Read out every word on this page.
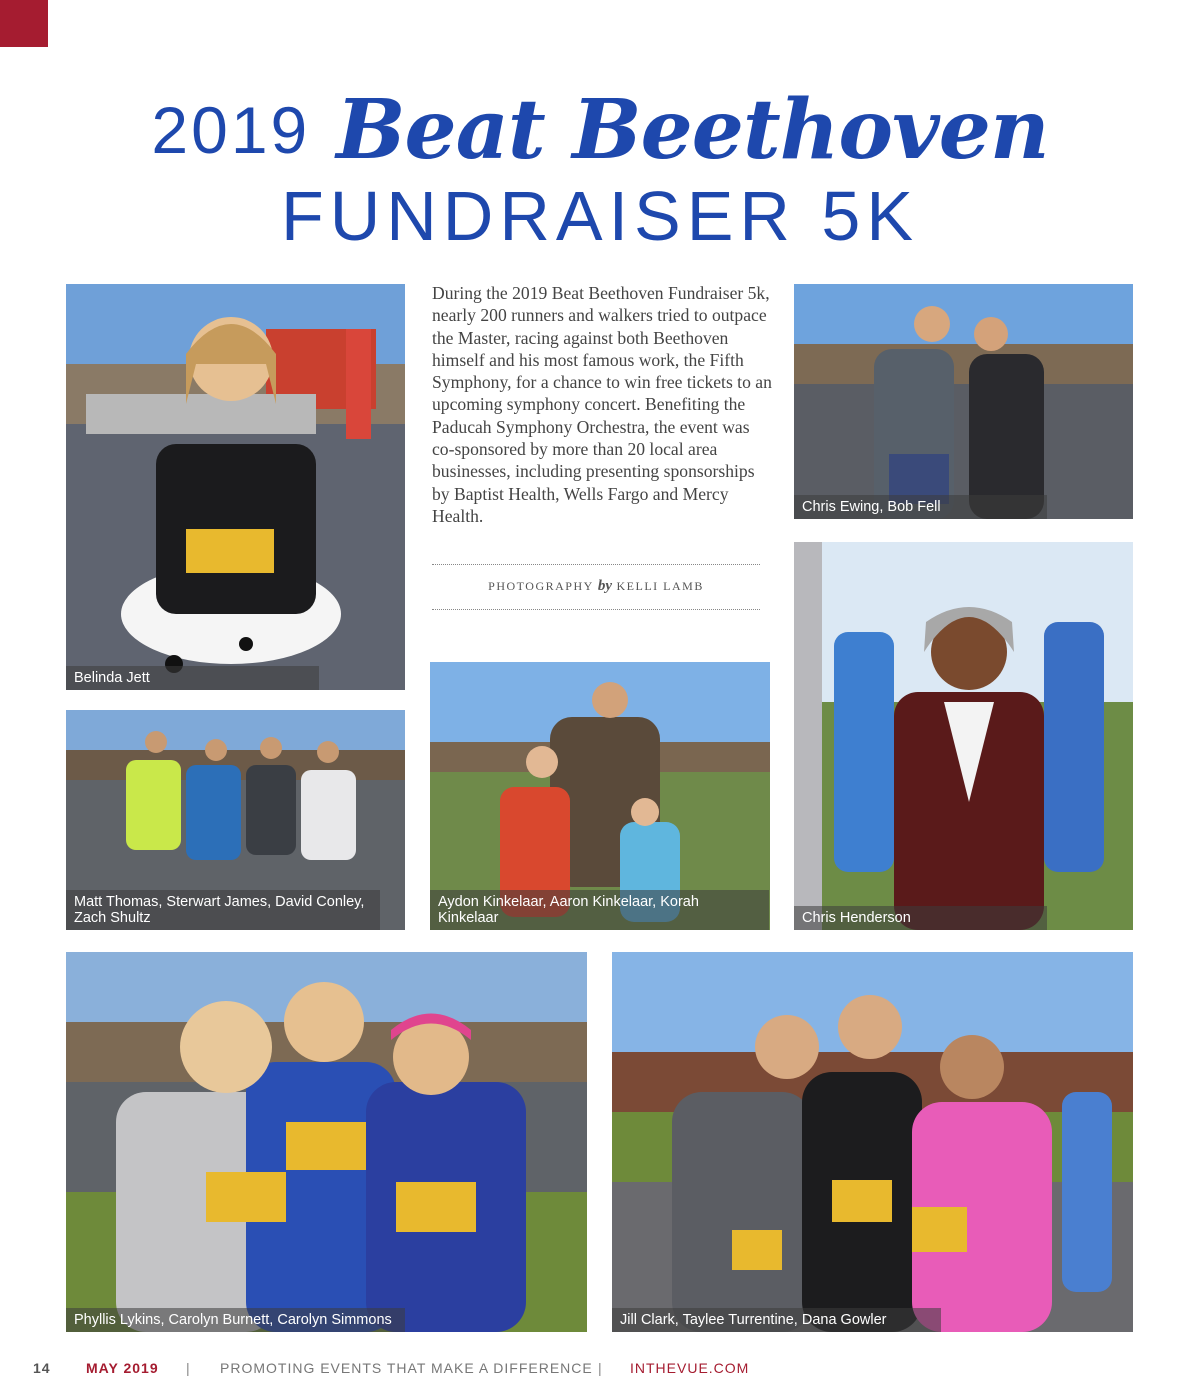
2019 Beat Beethoven
FUNDRAISER 5K
Belinda Jett
During the 2019 Beat Beethoven Fundraiser 5k, nearly 200 runners and walkers tried to outpace the Master, racing against both Beethoven himself and his most famous work, the Fifth Symphony, for a chance to win free tickets to an upcoming symphony concert. Benefiting the Paducah Symphony Orchestra, the event was co-sponsored by more than 20 local area businesses, including presenting sponsorships by Baptist Health, Wells Fargo and Mercy Health.
PHOTOGRAPHY by KELLI LAMB
Chris Ewing, Bob Fell
Matt Thomas, Sterwart James, David Conley,
Zach Shultz
Aydon Kinkelaar, Aaron Kinkelaar, Korah Kinkelaar	Chris Henderson
Phyllis Lykins, Carolyn Burnett, Carolyn Simmons	Jill Clark, Taylee Turrentine, Dana Gowler
14	MAY 2019 | PROMOTING EVENTS THAT MAKE A DIFFERENCE | INTHEVUE.COM
